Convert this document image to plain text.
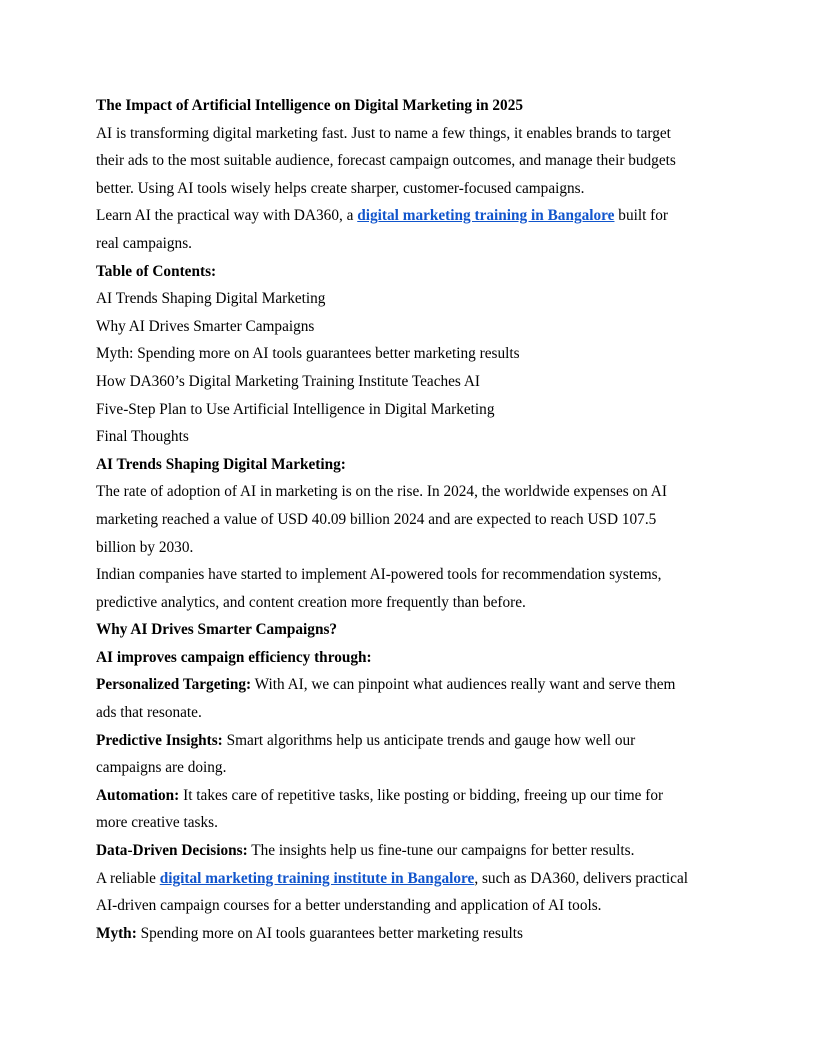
The Impact of Artificial Intelligence on Digital Marketing in 2025
AI is transforming digital marketing fast. Just to name a few things, it enables brands to target
their ads to the most suitable audience, forecast campaign outcomes, and manage their budgets
better. Using AI tools wisely helps create sharper, customer-focused campaigns.
Learn AI the practical way with DA360, a digital marketing training in Bangalore built for
real campaigns.
Table of Contents:
AI Trends Shaping Digital Marketing
Why AI Drives Smarter Campaigns
Myth: Spending more on AI tools guarantees better marketing results
How DA360’s Digital Marketing Training Institute Teaches AI
Five-Step Plan to Use Artificial Intelligence in Digital Marketing
Final Thoughts
AI Trends Shaping Digital Marketing:
The rate of adoption of AI in marketing is on the rise. In 2024, the worldwide expenses on AI
marketing reached a value of USD 40.09 billion 2024 and are expected to reach USD 107.5
billion by 2030.
Indian companies have started to implement AI-powered tools for recommendation systems,
predictive analytics, and content creation more frequently than before.
Why AI Drives Smarter Campaigns?
AI improves campaign efficiency through:
Personalized Targeting: With AI, we can pinpoint what audiences really want and serve them
ads that resonate.
Predictive Insights: Smart algorithms help us anticipate trends and gauge how well our
campaigns are doing.
Automation: It takes care of repetitive tasks, like posting or bidding, freeing up our time for
more creative tasks.
Data-Driven Decisions: The insights help us fine-tune our campaigns for better results.
A reliable digital marketing training institute in Bangalore, such as DA360, delivers practical
AI-driven campaign courses for a better understanding and application of AI tools.
Myth: Spending more on AI tools guarantees better marketing results
